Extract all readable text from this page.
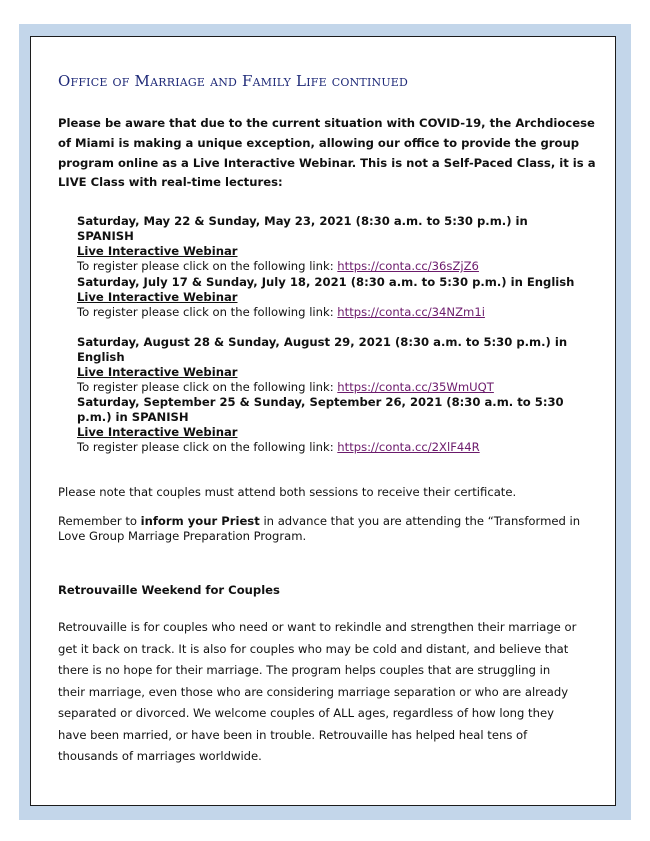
Office of Marriage and Family Life continued
Please be aware that due to the current situation with COVID-19, the Archdiocese of Miami is making a unique exception, allowing our office to provide the group program online as a Live Interactive Webinar. This is not a Self-Paced Class, it is a LIVE Class with real-time lectures:
Saturday, May 22 & Sunday, May 23, 2021 (8:30 a.m. to 5:30 p.m.) in SPANISH
Live Interactive Webinar
To register please click on the following link: https://conta.cc/36sZjZ6
Saturday, July 17 & Sunday, July 18, 2021 (8:30 a.m. to 5:30 p.m.) in English
Live Interactive Webinar
To register please click on the following link: https://conta.cc/34NZm1i
Saturday, August 28 & Sunday, August 29, 2021 (8:30 a.m. to 5:30 p.m.) in English
Live Interactive Webinar
To register please click on the following link: https://conta.cc/35WmUQT
Saturday, September 25 & Sunday, September 26, 2021 (8:30 a.m. to 5:30 p.m.) in SPANISH
Live Interactive Webinar
To register please click on the following link: https://conta.cc/2XlF44R
Please note that couples must attend both sessions to receive their certificate.
Remember to inform your Priest in advance that you are attending the “Transformed in Love Group Marriage Preparation Program.
Retrouvaille Weekend for Couples
Retrouvaille is for couples who need or want to rekindle and strengthen their marriage or get it back on track. It is also for couples who may be cold and distant, and believe that there is no hope for their marriage. The program helps couples that are struggling in their marriage, even those who are considering marriage separation or who are already separated or divorced. We welcome couples of ALL ages, regardless of how long they have been married, or have been in trouble. Retrouvaille has helped heal tens of thousands of marriages worldwide.
